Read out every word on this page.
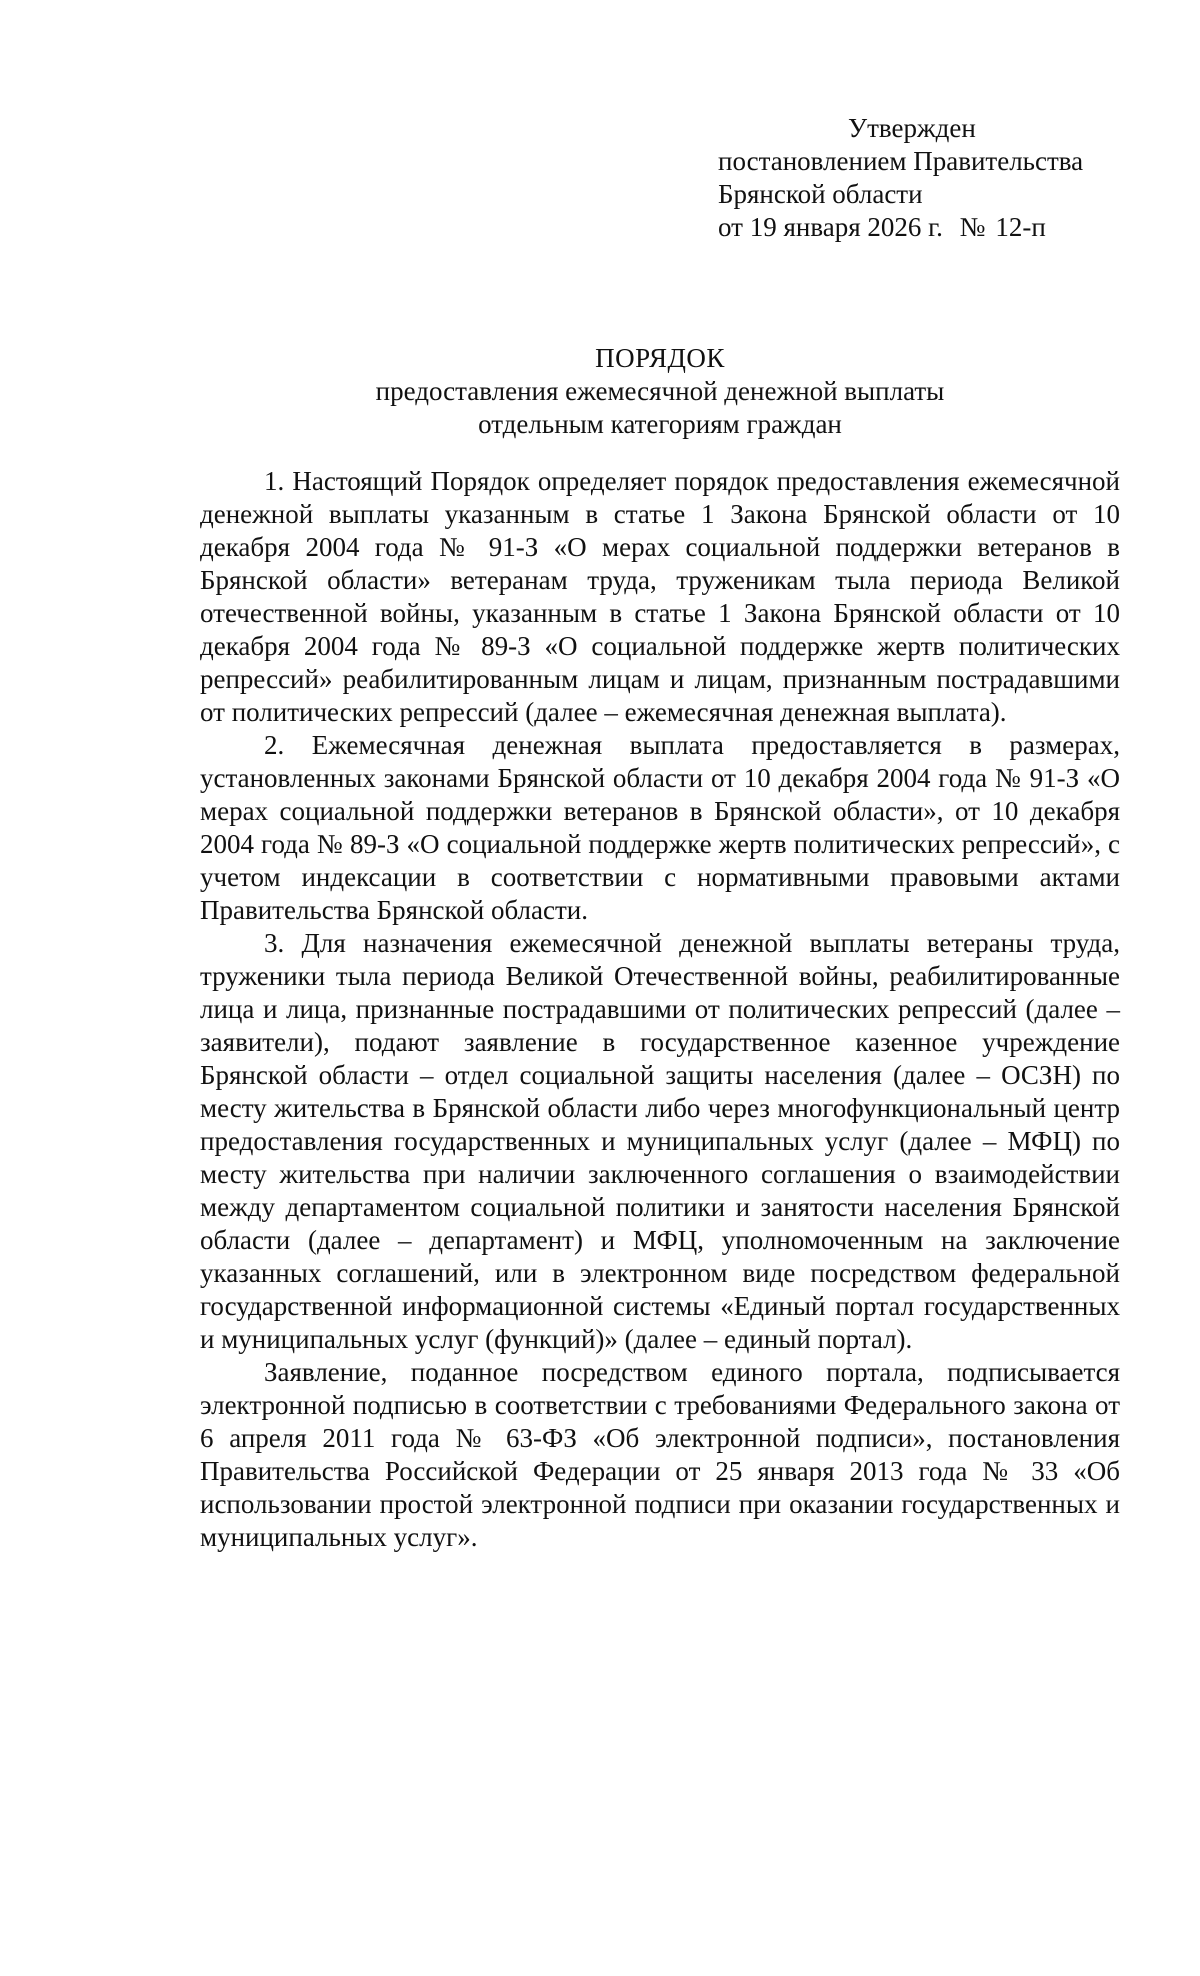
Утвержден
постановлением Правительства
Брянской области
от 19 января 2026 г. № 12-п
ПОРЯДОК
предоставления ежемесячной денежной выплаты
отдельным категориям граждан

1. Настоящий Порядок определяет порядок предоставления ежемесячной денежной выплаты указанным в статье 1 Закона Брянской области от 10 декабря 2004 года № 91-З «О мерах социальной поддержки ветеранов в Брянской области» ветеранам труда, труженикам тыла периода Великой отечественной войны, указанным в статье 1 Закона Брянской области от 10 декабря 2004 года № 89-З «О социальной поддержке жертв политических репрессий» реабилитированным лицам и лицам, признанным пострадавшими от политических репрессий (далее – ежемесячная денежная выплата).

2. Ежемесячная денежная выплата предоставляется в размерах, установленных законами Брянской области от 10 декабря 2004 года № 91-З «О мерах социальной поддержки ветеранов в Брянской области», от 10 декабря 2004 года № 89-З «О социальной поддержке жертв политических репрессий», с учетом индексации в соответствии с нормативными правовыми актами Правительства Брянской области.

3. Для назначения ежемесячной денежной выплаты ветераны труда, труженики тыла периода Великой Отечественной войны, реабилитированные лица и лица, признанные пострадавшими от политических репрессий (далее – заявители), подают заявление в государственное казенное учреждение Брянской области – отдел социальной защиты населения (далее – ОСЗН) по месту жительства в Брянской области либо через многофункциональный центр предоставления государственных и муниципальных услуг (далее – МФЦ) по месту жительства при наличии заключенного соглашения о взаимодействии между департаментом социальной политики и занятости населения Брянской области (далее – департамент) и МФЦ, уполномоченным на заключение указанных соглашений, или в электронном виде посредством федеральной государственной информационной системы «Единый портал государственных и муниципальных услуг (функций)» (далее – единый портал).

Заявление, поданное посредством единого портала, подписывается электронной подписью в соответствии с требованиями Федерального закона от 6 апреля 2011 года № 63-ФЗ «Об электронной подписи», постановления Правительства Российской Федерации от 25 января 2013 года № 33 «Об использовании простой электронной подписи при оказании государственных и муниципальных услуг».
